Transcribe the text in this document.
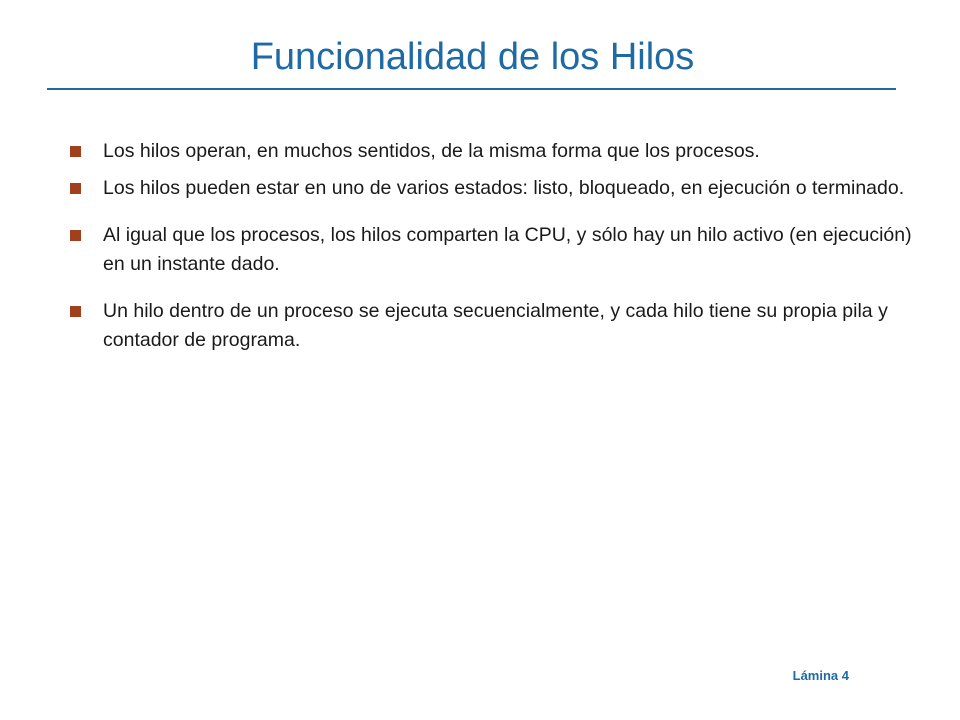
Funcionalidad de los Hilos
Los hilos operan, en muchos sentidos, de la misma forma que los procesos.
Los hilos pueden estar en uno de varios estados: listo, bloqueado, en ejecución o terminado.
Al igual que los procesos, los hilos comparten la CPU, y sólo hay un hilo activo (en ejecución) en un instante dado.
Un hilo dentro de un proceso se ejecuta secuencialmente, y cada hilo tiene su propia pila y contador de programa.
Lámina 4
